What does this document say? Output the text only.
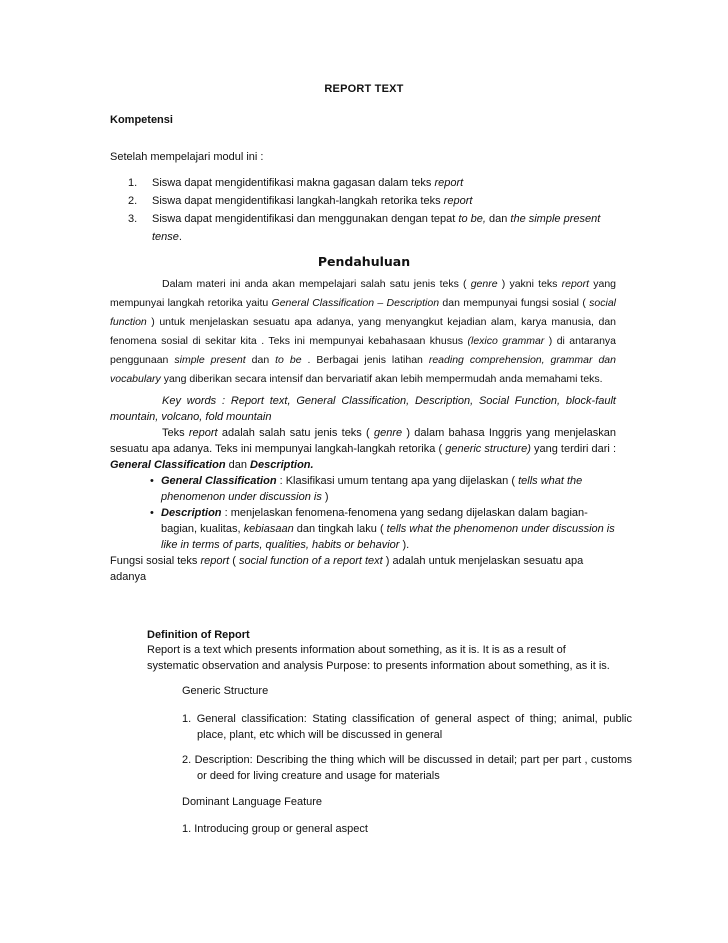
REPORT TEXT
Kompetensi
Setelah mempelajari modul ini :
1. Siswa dapat mengidentifikasi makna gagasan dalam teks report
2. Siswa dapat mengidentifikasi langkah-langkah retorika teks report
3. Siswa dapat mengidentifikasi dan menggunakan dengan tepat to be, dan the simple present tense.
Pendahuluan
Dalam materi ini anda akan mempelajari salah satu jenis teks ( genre ) yakni teks report yang mempunyai langkah retorika yaitu General Classification – Description dan mempunyai fungsi sosial ( social function ) untuk menjelaskan sesuatu apa adanya, yang menyangkut kejadian alam, karya manusia, dan fenomena sosial di sekitar kita . Teks ini mempunyai kebahasaan khusus (lexico grammar ) di antaranya penggunaan simple present dan to be . Berbagai jenis latihan reading comprehension, grammar dan vocabulary yang diberikan secara intensif dan bervariatif akan lebih mempermudah anda memahami teks.
Key words : Report text, General Classification, Description, Social Function, block-fault mountain, volcano, fold mountain
Teks report adalah salah satu jenis teks ( genre ) dalam bahasa Inggris yang menjelaskan sesuatu apa adanya. Teks ini mempunyai langkah-langkah retorika ( generic structure) yang terdiri dari : General Classification dan Description.
• General Classification : Klasifikasi umum tentang apa yang dijelaskan ( tells what the phenomenon under discussion is )
• Description : menjelaskan fenomena-fenomena yang sedang dijelaskan dalam bagian-bagian, kualitas, kebiasaan dan tingkah laku ( tells what the phenomenon under discussion is like in terms of parts, qualities, habits or behavior ).
Fungsi sosial teks report ( social function of a report text ) adalah untuk menjelaskan sesuatu apa adanya
Definition of Report
Report is a text which presents information about something, as it is. It is as a result of systematic observation and analysis Purpose: to presents information about something, as it is.
Generic Structure
1. General classification: Stating classification of general aspect of thing; animal, public place, plant, etc which will be discussed in general
2. Description: Describing the thing which will be discussed in detail; part per part , customs or deed for living creature and usage for materials
Dominant Language Feature
1. Introducing group or general aspect
